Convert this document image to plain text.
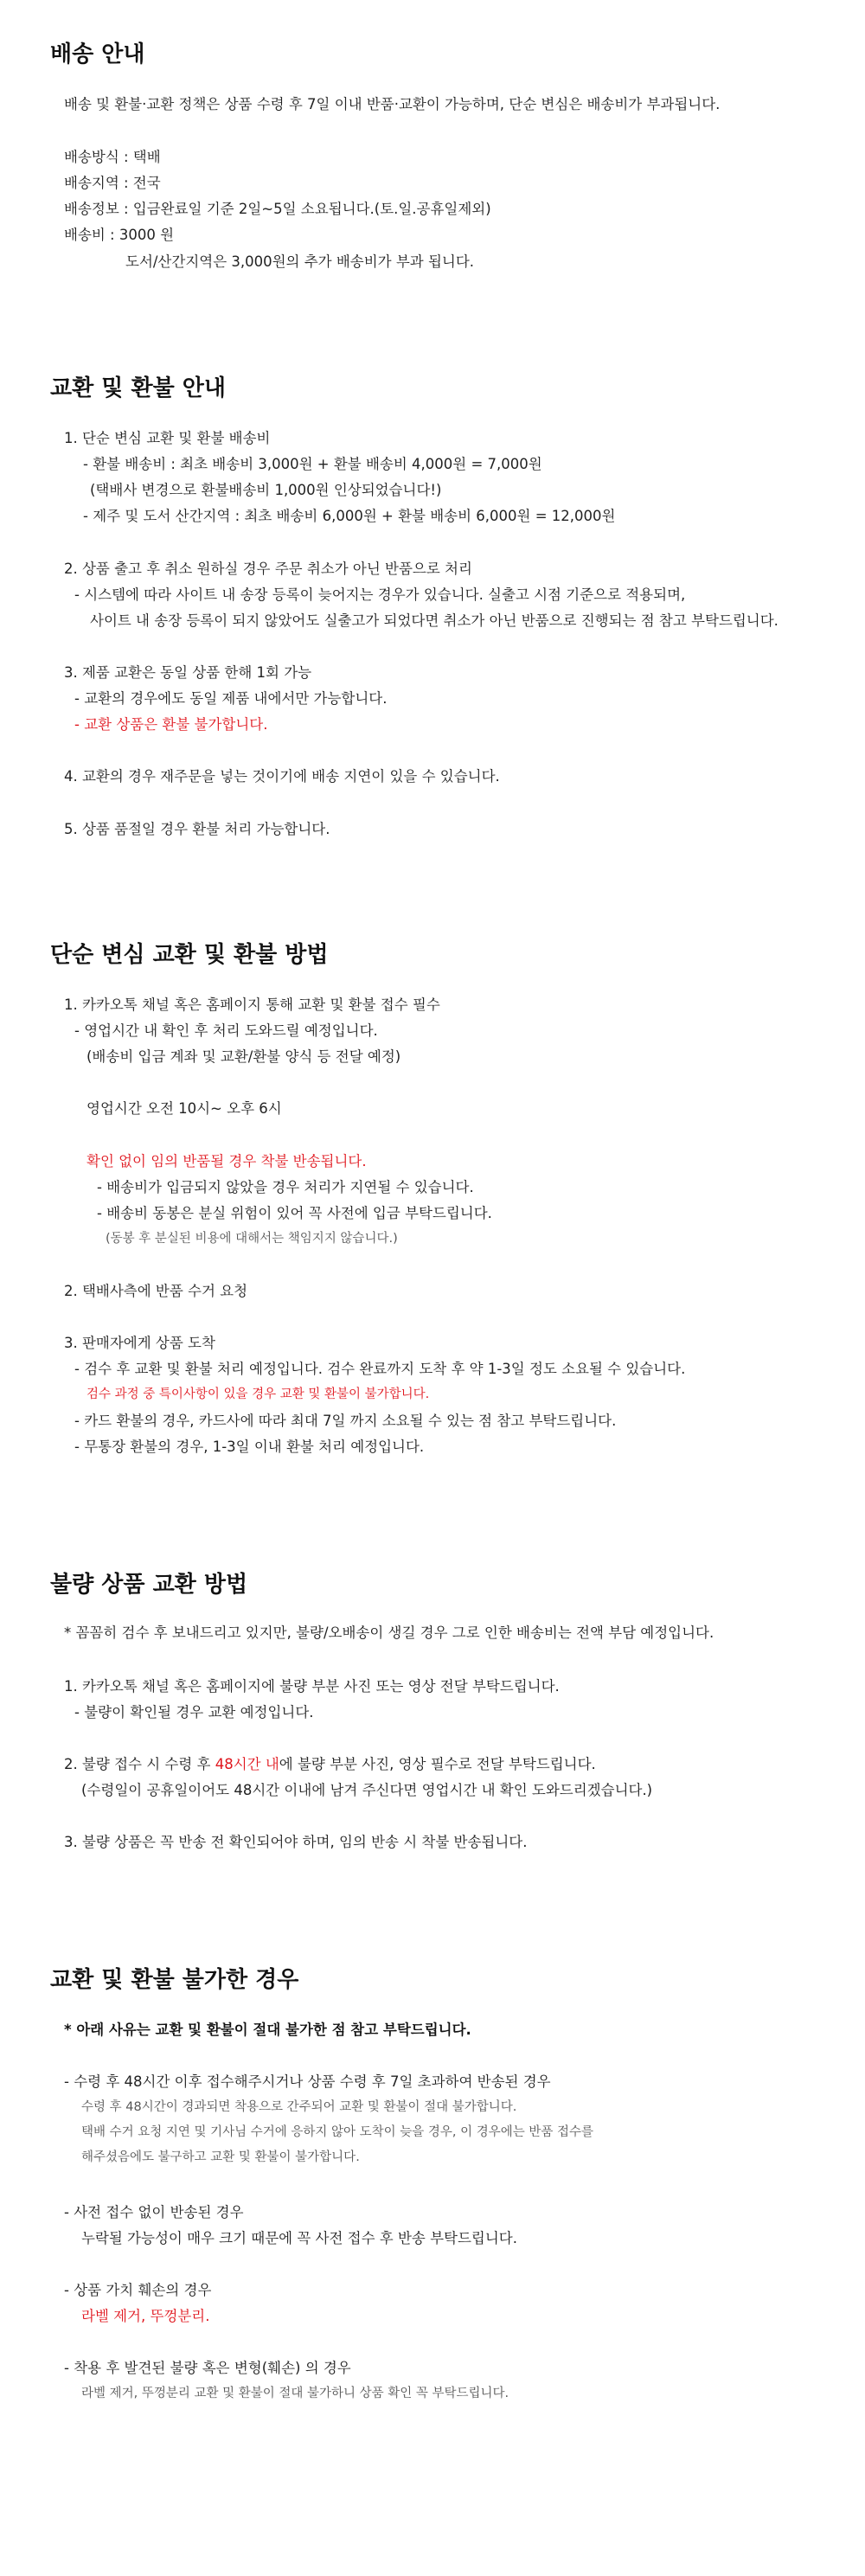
배송 안내
배송 및 환불·교환 정책은 상품 수령 후 7일 이내 반품·교환이 가능하며, 단순 변심은 배송비가 부과됩니다.
배송방식 : 택배
배송지역 : 전국
배송정보 : 입금완료일 기준 2일~5일 소요됩니다.(토.일.공휴일제외)
배송비 : 3000 원
도서/산간지역은 3,000원의 추가 배송비가 부과 됩니다.
교환 및 환불 안내
1. 단순 변심 교환 및 환불 배송비
- 환불 배송비 : 최초 배송비 3,000원 + 환불 배송비 4,000원 = 7,000원
(택배사 변경으로 환불배송비 1,000원 인상되었습니다!)
- 제주 및 도서 산간지역 : 최초 배송비 6,000원 + 환불 배송비 6,000원 = 12,000원
2. 상품 출고 후 취소 원하실 경우 주문 취소가 아닌 반품으로 처리
- 시스템에 따라 사이트 내 송장 등록이 늦어지는 경우가 있습니다. 실출고 시점 기준으로 적용되며,
사이트 내 송장 등록이 되지 않았어도 실출고가 되었다면 취소가 아닌 반품으로 진행되는 점 참고 부탁드립니다.
3. 제품 교환은 동일 상품 한해 1회 가능
- 교환의 경우에도 동일 제품 내에서만 가능합니다.
- 교환 상품은 환불 불가합니다.
4. 교환의 경우 재주문을 넣는 것이기에 배송 지연이 있을 수 있습니다.
5. 상품 품절일 경우 환불 처리 가능합니다.
단순 변심 교환 및 환불 방법
1. 카카오톡 채널 혹은 홈페이지 통해 교환 및 환불 접수 필수
- 영업시간 내 확인 후 처리 도와드릴 예정입니다.
(배송비 입금 계좌 및 교환/환불 양식 등 전달 예정)
영업시간 오전 10시~ 오후 6시
확인 없이 임의 반품될 경우 착불 반송됩니다.
- 배송비가 입금되지 않았을 경우 처리가 지연될 수 있습니다.
- 배송비 동봉은 분실 위험이 있어 꼭 사전에 입금 부탁드립니다.
(동봉 후 분실된 비용에 대해서는 책임지지 않습니다.)
2. 택배사측에 반품 수거 요청
3. 판매자에게 상품 도착
- 검수 후 교환 및 환불 처리 예정입니다. 검수 완료까지 도착 후 약 1-3일 정도 소요될 수 있습니다.
검수 과정 중 특이사항이 있을 경우 교환 및 환불이 불가합니다.
- 카드 환불의 경우, 카드사에 따라 최대 7일 까지 소요될 수 있는 점 참고 부탁드립니다.
- 무통장 환불의 경우, 1-3일 이내 환불 처리 예정입니다.
불량 상품 교환 방법
* 꼼꼼히 검수 후 보내드리고 있지만, 불량/오배송이 생길 경우 그로 인한 배송비는 전액 부담 예정입니다.
1. 카카오톡 채널 혹은 홈페이지에 불량 부분 사진 또는 영상 전달 부탁드립니다.
- 불량이 확인될 경우 교환 예정입니다.
2. 불량 접수 시 수령 후 48시간 내에 불량 부분 사진, 영상 필수로 전달 부탁드립니다.
(수령일이 공휴일이어도 48시간 이내에 남겨 주신다면 영업시간 내 확인 도와드리겠습니다.)
3. 불량 상품은 꼭 반송 전 확인되어야 하며, 임의 반송 시 착불 반송됩니다.
교환 및 환불 불가한 경우
* 아래 사유는 교환 및 환불이 절대 불가한 점 참고 부탁드립니다.
- 수령 후 48시간 이후 접수해주시거나 상품 수령 후 7일 초과하여 반송된 경우
수령 후 48시간이 경과되면 착용으로 간주되어 교환 및 환불이 절대 불가합니다.
택배 수거 요청 지연 및 기사님 수거에 응하지 않아 도착이 늦을 경우, 이 경우에는 반품 접수를
해주셨음에도 불구하고 교환 및 환불이 불가합니다.
- 사전 접수 없이 반송된 경우
누락될 가능성이 매우 크기 때문에 꼭 사전 접수 후 반송 부탁드립니다.
- 상품 가치 훼손의 경우
라벨 제거, 뚜껑분리.
- 착용 후 발견된 불량 혹은 변형(훼손) 의 경우
라벨 제거, 뚜껑분리 교환 및 환불이 절대 불가하니 상품 확인 꼭 부탁드립니다.
